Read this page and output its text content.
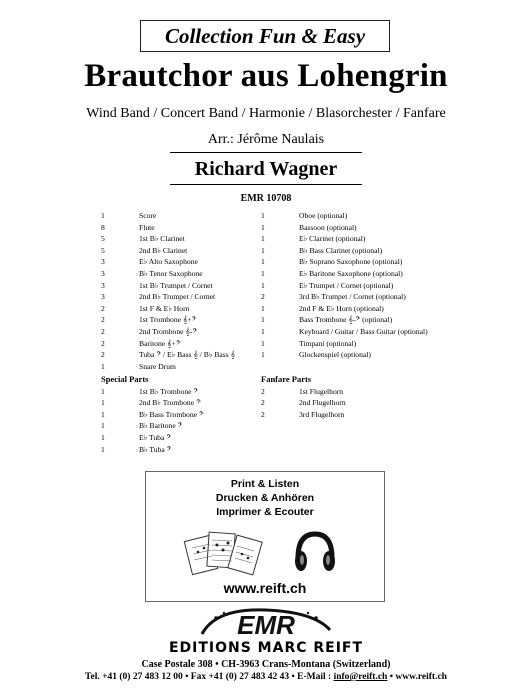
Collection Fun & Easy
Brautchor aus Lohengrin
Wind Band / Concert Band / Harmonie / Blasorchester / Fanfare
Arr.: Jérôme Naulais
Richard Wagner
EMR 10708
1	Score
8	Flute
5	1st B♭ Clarinet
5	2nd B♭ Clarinet
3	E♭ Alto Saxophone
3	B♭ Tenor Saxophone
3	1st B♭ Trumpet / Cornet
3	2nd B♭ Trumpet / Cornet
2	1st F & E♭ Horn
2	1st Trombone 𝄞+𝄢
2	2nd Trombone 𝄞-𝄢
2	Baritone 𝄞+𝄢
2	Tuba 𝄢 / E♭ Bass 𝄞 / B♭ Bass 𝄞
1	Snare Drum
1	Oboe (optional)
1	Bassoon (optional)
1	E♭ Clarinet (optional)
1	B♭ Bass Clarinet (optional)
1	B♭ Soprano Saxophone (optional)
1	E♭ Baritone Saxophone (optional)
1	E♭ Trumpet / Cornet (optional)
2	3rd B♭ Trumpet / Cornet (optional)
1	2nd F & E♭ Horn (optional)
1	Bass Trombone 𝄞-𝄢 (optional)
1	Keyboard / Guitar / Bass Guitar (optional)
1	Timpani (optional)
1	Glockenspiel (optional)
Special Parts
1	1st B♭ Trombone 𝄢
1	2nd B♭ Trombone 𝄢
1	B♭ Bass Trombone 𝄢
1	B♭ Baritone 𝄢
1	E♭ Tuba 𝄢
1	B♭ Tuba 𝄢
Fanfare Parts
2	1st Flugelhorn
2	2nd Flugelhorn
2	3rd Flugelhorn
Print & Listen
Drucken & Anhören
Imprimer & Ecouter
www.reift.ch
EMR
EDITIONS MARC REIFT
Case Postale 308 • CH-3963 Crans-Montana (Switzerland)
Tel. +41 (0) 27 483 12 00 • Fax +41 (0) 27 483 42 43 • E-Mail : info@reift.ch • www.reift.ch
